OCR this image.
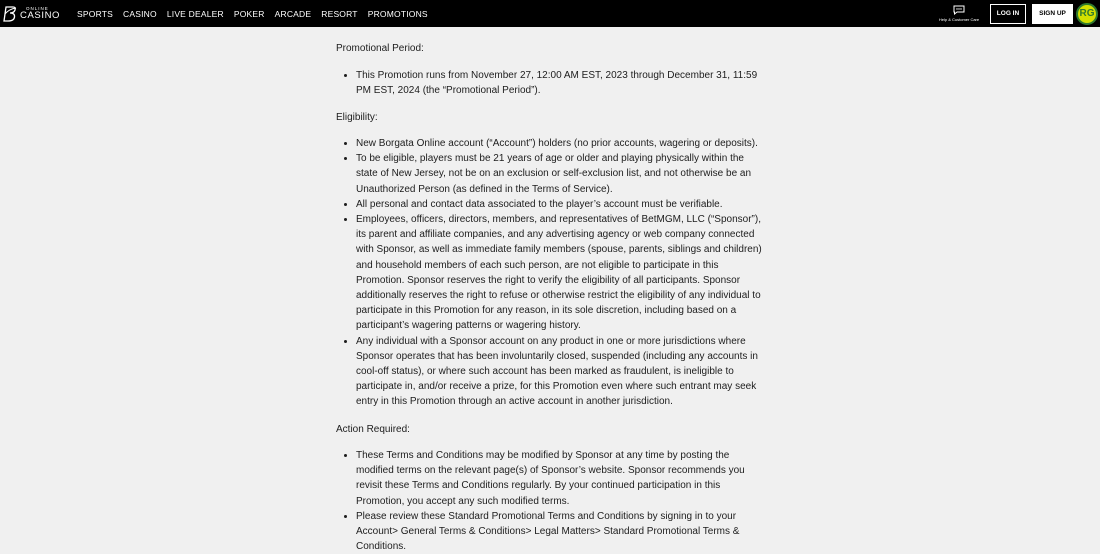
ONLINE
CASINO SPORTS CASINO LIVE DEALER POKER ARCADE RESORT PROMOTIONS
Help & Customer Care
LOG IN	SIGN UP	RG
Promotional Period:
This Promotion runs from November 27, 12:00 AM EST, 2023 through December 31, 11:59 PM EST, 2024 (the “Promotional Period”).
Eligibility:
New Borgata Online account (“Account”) holders (no prior accounts, wagering or deposits).
To be eligible, players must be 21 years of age or older and playing physically within the state of New Jersey, not be on an exclusion or self-exclusion list, and not otherwise be an Unauthorized Person (as defined in the Terms of Service).
All personal and contact data associated to the player’s account must be verifiable.
Employees, officers, directors, members, and representatives of BetMGM, LLC (“Sponsor”), its parent and affiliate companies, and any advertising agency or web company connected with Sponsor, as well as immediate family members (spouse, parents, siblings and children) and household members of each such person, are not eligible to participate in this Promotion. Sponsor reserves the right to verify the eligibility of all participants. Sponsor additionally reserves the right to refuse or otherwise restrict the eligibility of any individual to participate in this Promotion for any reason, in its sole discretion, including based on a participant’s wagering patterns or wagering history.
Any individual with a Sponsor account on any product in one or more jurisdictions where Sponsor operates that has been involuntarily closed, suspended (including any accounts in cool-off status), or where such account has been marked as fraudulent, is ineligible to participate in, and/or receive a prize, for this Promotion even where such entrant may seek entry in this Promotion through an active account in another jurisdiction.
Action Required:
These Terms and Conditions may be modified by Sponsor at any time by posting the modified terms on the relevant page(s) of Sponsor’s website. Sponsor recommends you revisit these Terms and Conditions regularly. By your continued participation in this Promotion, you accept any such modified terms.
Please review these Standard Promotional Terms and Conditions by signing in to your Account> General Terms & Conditions> Legal Matters> Standard Promotional Terms & Conditions.
